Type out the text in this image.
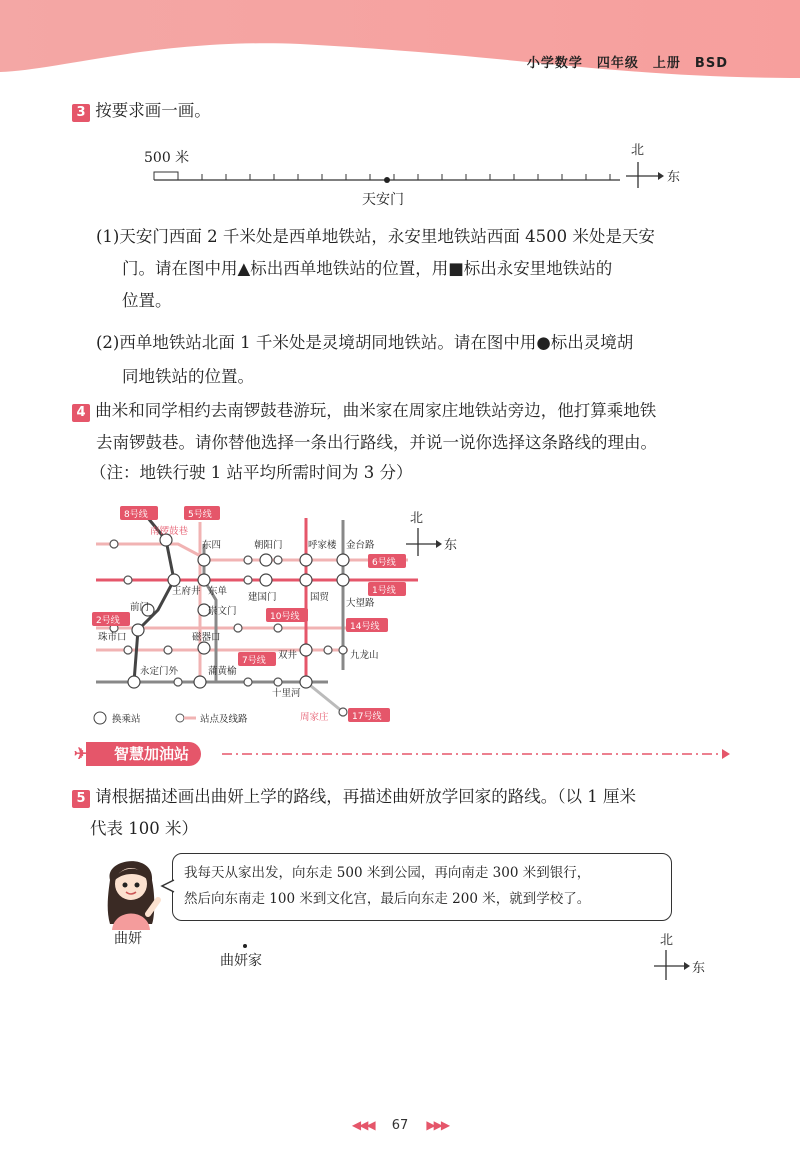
小学数学　四年级　上册　BSD
3 按要求画一画。
500 米
天安门
北
东
(1)天安门西面 2 千米处是西单地铁站，永安里地铁站西面 4500 米处是天安
门。请在图中用▲标出西单地铁站的位置，用■标出永安里地铁站的
位置。
(2)西单地铁站北面 1 千米处是灵境胡同地铁站。请在图中用●标出灵境胡
同地铁站的位置。
4 曲米和同学相约去南锣鼓巷游玩，曲米家在周家庄地铁站旁边，他打算乘地铁
去南锣鼓巷。请你替他选择一条出行路线，并说一说你选择这条路线的理由。
（注：地铁行驶 1 站平均所需时间为 3 分）
8号线	5号线
6号线
1号线
2号线	10号线
14号线
7号线
17号线
南锣鼓巷
东四	朝阳门	呼家楼 金台路
王府井 东单
建国门	国贸
大望路
前门	崇文门
珠市口	磁器口
九龙山
双井
永定门外	蒲黄榆
十里河
周家庄
换乘站	站点及线路
北
东
智慧加油站
✈
5 请根据描述画出曲妍上学的路线，再描述曲妍放学回家的路线。（以 1 厘米
代表 100 米）
曲妍
我每天从家出发，向东走 500 米到公园，再向南走 300 米到银行，
然后向东南走 100 米到文化宫，最后向东走 200 米，就到学校了。
曲妍家
北
东
◀◀◀ 67 ▶▶▶
